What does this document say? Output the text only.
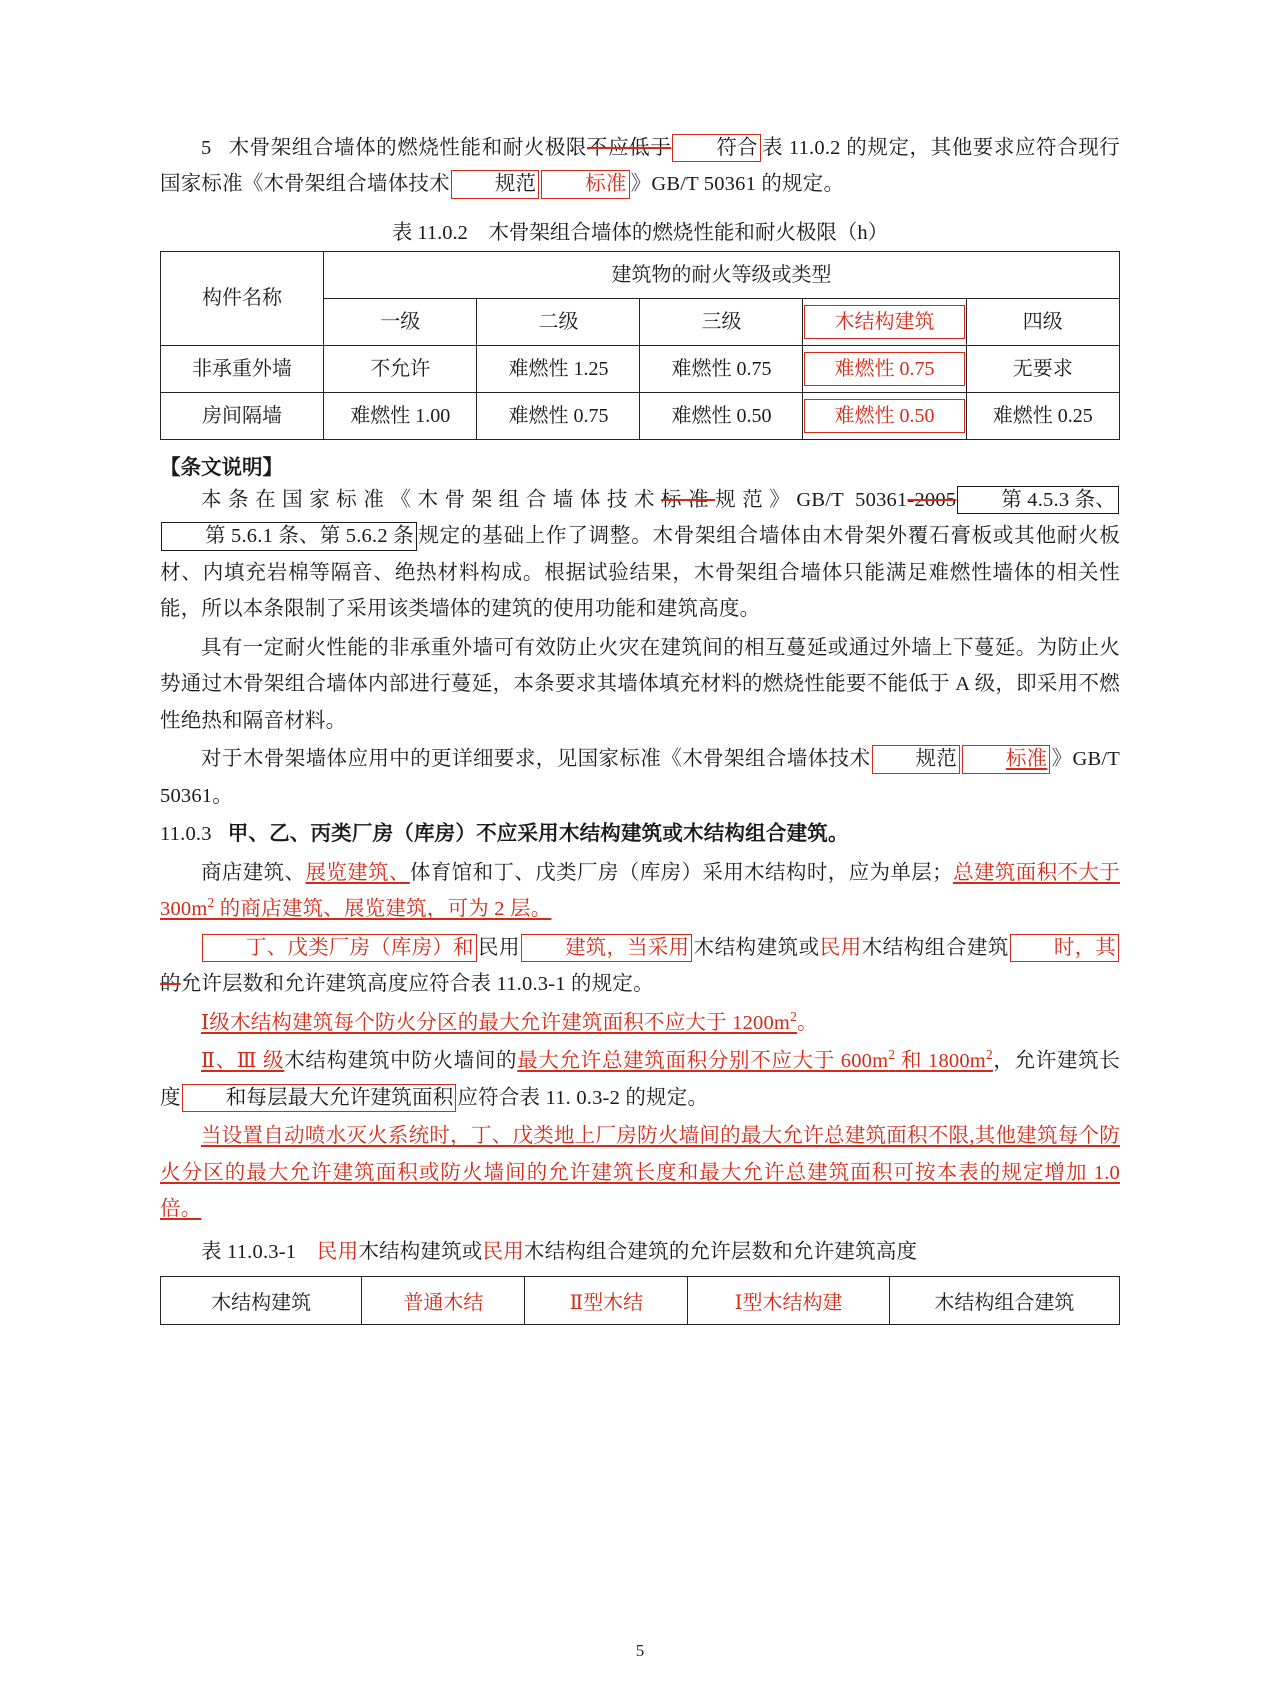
5 木骨架组合墙体的燃烧性能和耐火极限不应低于 符合 表 11.0.2 的规定，其他要求应符合现行国家标准《木骨架组合墙体技术 规范 标准 》GB/T 50361 的规定。

表 11.0.2　木骨架组合墙体的燃烧性能和耐火极限（h）
构件名称	建筑物的耐火等级或类型				
	一级	二级	三级	木结构建筑	四级
非承重外墙	不允许	难燃性 1.25	难燃性 0.75	难燃性 0.75	无要求
房间隔墙	难燃性 1.00	难燃性 0.75	难燃性 0.50	难燃性 0.50	难燃性 0.25
【条文说明】

本条在国家标准《木骨架组合墙体技术标准规范》GB/T 50361-2005 第 4.5.3 条、第 5.6.1 条、第 5.6.2 条 规定的基础上作了调整。木骨架组合墙体由木骨架外覆石膏板或其他耐火板材、内填充岩棉等隔音、绝热材料构成。根据试验结果，木骨架组合墙体只能满足难燃性墙体的相关性能，所以本条限制了采用该类墙体的建筑的使用功能和建筑高度。

具有一定耐火性能的非承重外墙可有效防止火灾在建筑间的相互蔓延或通过外墙上下蔓延。为防止火势通过木骨架组合墙体内部进行蔓延，本条要求其墙体填充材料的燃烧性能要不能低于 A 级，即采用不燃性绝热和隔音材料。

对于木骨架墙体应用中的更详细要求，见国家标准《木骨架组合墙体技术 规范 标准 》GB/T 50361。

11.0.3 甲、乙、丙类厂房（库房）不应采用木结构建筑或木结构组合建筑。

商店建筑、展览建筑、体育馆和丁、戊类厂房（库房）采用木结构时，应为单层；总建筑面积不大于 $300m^2$ 的商店建筑、展览建筑，可为 2 层。

丁、戊类厂房（库房）和 民用 建筑，当采用 木结构建筑或民用木结构组合建筑 时，其的允许层数和允许建筑高度应符合表 11.0.3-1 的规定。

Ⅰ级木结构建筑每个防火分区的最大允许建筑面积不应大于 $1200m^2$。

Ⅱ、Ⅲ 级木结构建筑中防火墙间的最大允许总建筑面积分别不应大于 $600m^2$ 和 $1800m^2$，允许建筑长度 和每层最大允许建筑面积 应符合表 11. 0.3-2 的规定。

当设置自动喷水灭火系统时，丁、戊类地上厂房防火墙间的最大允许总建筑面积不限,其他建筑每个防火分区的最大允许建筑面积或防火墙间的允许建筑长度和最大允许总建筑面积可按本表的规定增加 1.0 倍。

表 11.0.3-1　民用木结构建筑或民用木结构组合建筑的允许层数和允许建筑高度

木结构建筑	普通木结	Ⅱ型木结	Ⅰ型木结构建	木结构组合建筑
5
